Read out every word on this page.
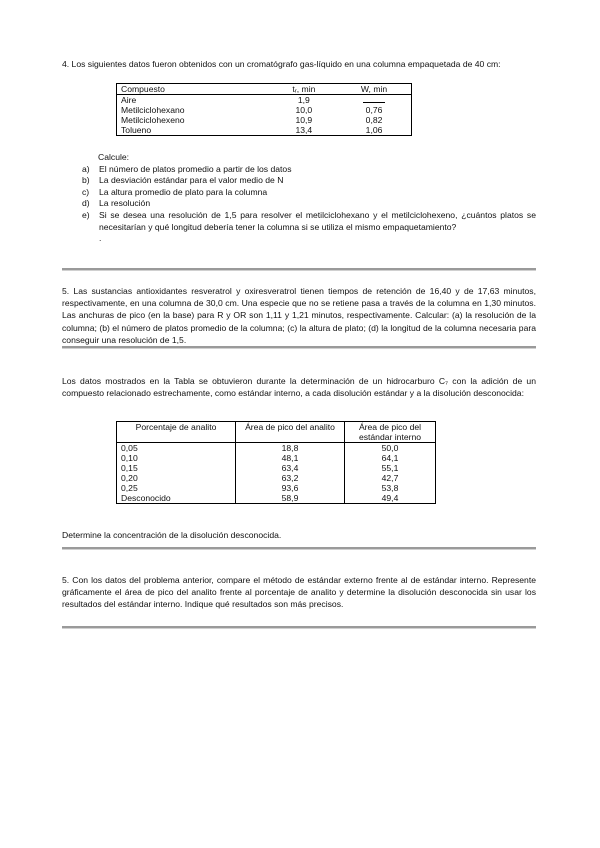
4. Los siguientes datos fueron obtenidos con un cromatógrafo gas-líquido en una columna empaquetada de 40 cm:
Compuesto	tᵣ, min	W, min
Aire	1,9	
Metilciclohexano	10,0	0,76
Metilciclohexeno	10,9	0,82
Tolueno	13,4	1,06
Calcule:
a) El número de platos promedio a partir de los datos
b) La desviación estándar para el valor medio de N
c) La altura promedio de plato para la columna
d) La resolución
e) Si se desea una resolución de 1,5 para resolver el metilciclohexano y el metilciclohexeno, ¿cuántos platos se necesitarían y qué longitud debería tener la columna si se utiliza el mismo empaquetamiento?
.
5. Las sustancias antioxidantes resveratrol y oxiresveratrol tienen tiempos de retención de 16,40 y de 17,63 minutos, respectivamente, en una columna de 30,0 cm. Una especie que no se retiene pasa a través de la columna en 1,30 minutos. Las anchuras de pico (en la base) para R y OR son 1,11 y 1,21 minutos, respectivamente. Calcular: (a) la resolución de la columna; (b) el número de platos promedio de la columna; (c) la altura de plato; (d) la longitud de la columna necesaria para conseguir una resolución de 1,5.
Los datos mostrados en la Tabla se obtuvieron durante la determinación de un hidrocarburo C₇ con la adición de un compuesto relacionado estrechamente, como estándar interno, a cada disolución estándar y a la disolución desconocida:
Porcentaje de analito	Área de pico del analito	Área de pico del estándar interno
0,05	18,8	50,0
0,10	48,1	64,1
0,15	63,4	55,1
0,20	63,2	42,7
0,25	93,6	53,8
Desconocido	58,9	49,4
Determine la concentración de la disolución desconocida.
5. Con los datos del problema anterior, compare el método de estándar externo frente al de estándar interno. Represente gráficamente el área de pico del analito frente al porcentaje de analito y determine la disolución desconocida sin usar los resultados del estándar interno. Indique qué resultados son más precisos.
